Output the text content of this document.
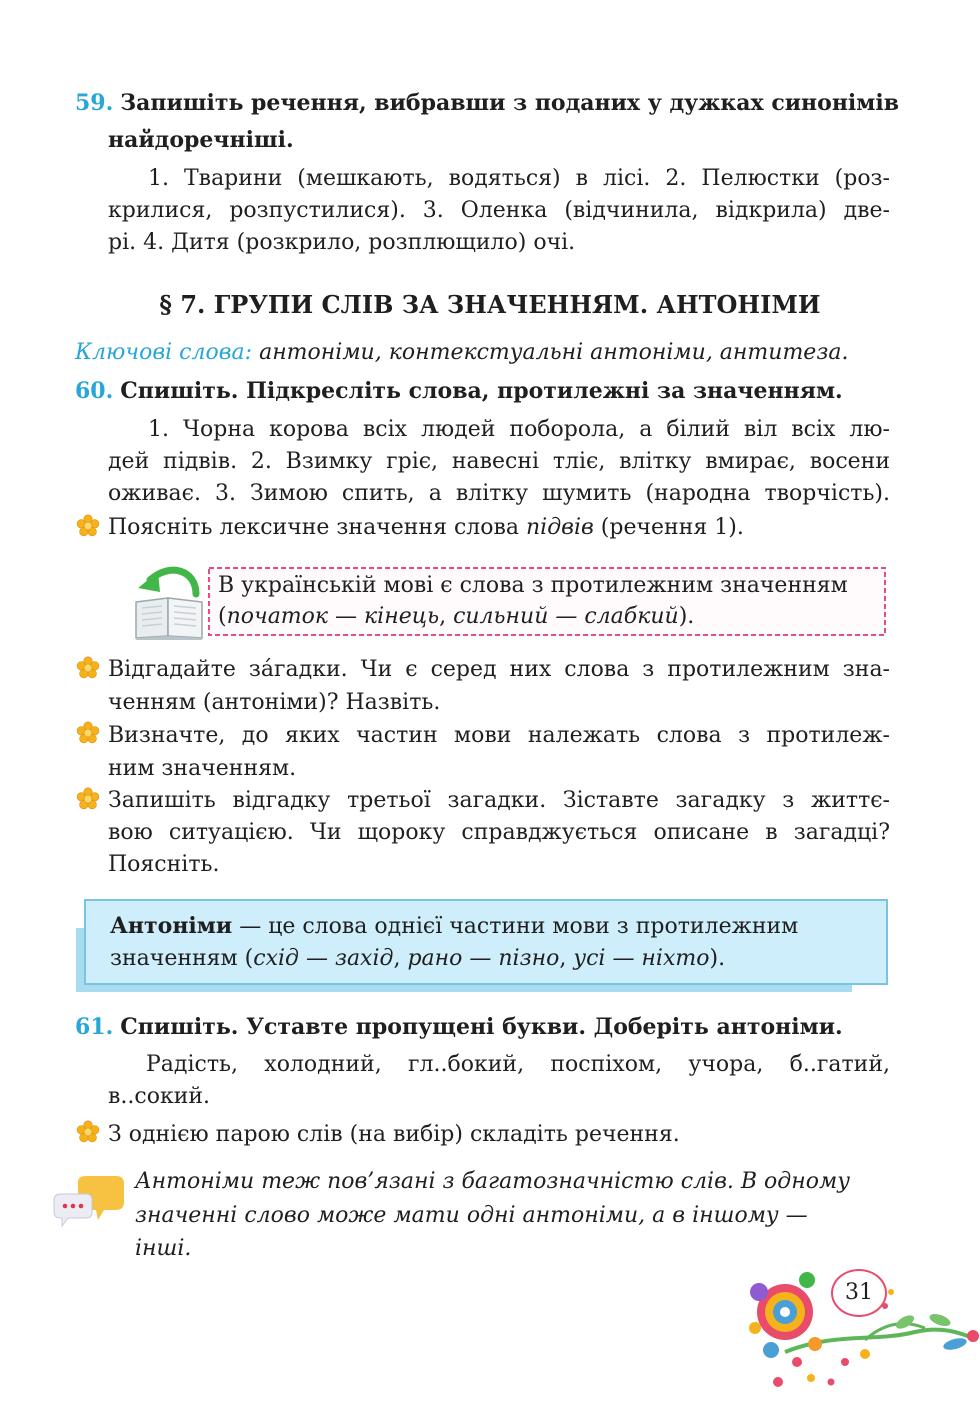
59. Запишіть речення, вибравши з поданих у дужках синонімів
найдоречніші.
1. Тварини (мешкають, водяться) в лісі. 2. Пелюстки (роз-
крилися, розпустилися). 3. Оленка (відчинила, відкрила) две-
рі. 4. Дитя (розкрило, розплющило) очі.
§ 7. ГРУПИ СЛІВ ЗА ЗНАЧЕННЯМ. АНТОНІМИ
Ключові слова: антоніми, контекстуальні антоніми, антитеза.
60. Спишіть. Підкресліть слова, протилежні за значенням.
1. Чорна корова всіх людей поборола, а білий віл всіх лю-
дей підвів. 2. Взимку гріє, навесні тліє, влітку вмирає, восени
оживає. 3. Зимою спить, а влітку шумить (народна творчість).
Поясніть лексичне значення слова підвів (речення 1).
В українській мові є слова з протилежним значенням
(початок — кінець, сильний — слабкий).
Відгадайте зáгадки. Чи є серед них слова з протилежним зна-
ченням (антоніми)? Назвіть.
Визначте, до яких частин мови належать слова з протилеж-
ним значенням.
Запишіть відгадку третьої загадки. Зіставте загадку з життє-
вою ситуацією. Чи щороку справджується описане в загадці?
Поясніть.
Антоніми — це слова однієї частини мови з протилежним
значенням (схід — захід, рано — пізно, усі — ніхто).
61. Спишіть. Уставте пропущені букви. Доберіть антоніми.
Радість, холодний, гл..бокий, поспіхом, учора, б..гатий,
в..сокий.
З однією парою слів (на вибір) складіть речення.
Антоніми теж пов’язані з багатозначністю слів. В одному
значенні слово може мати одні антоніми, а в іншому —
інші.
31
